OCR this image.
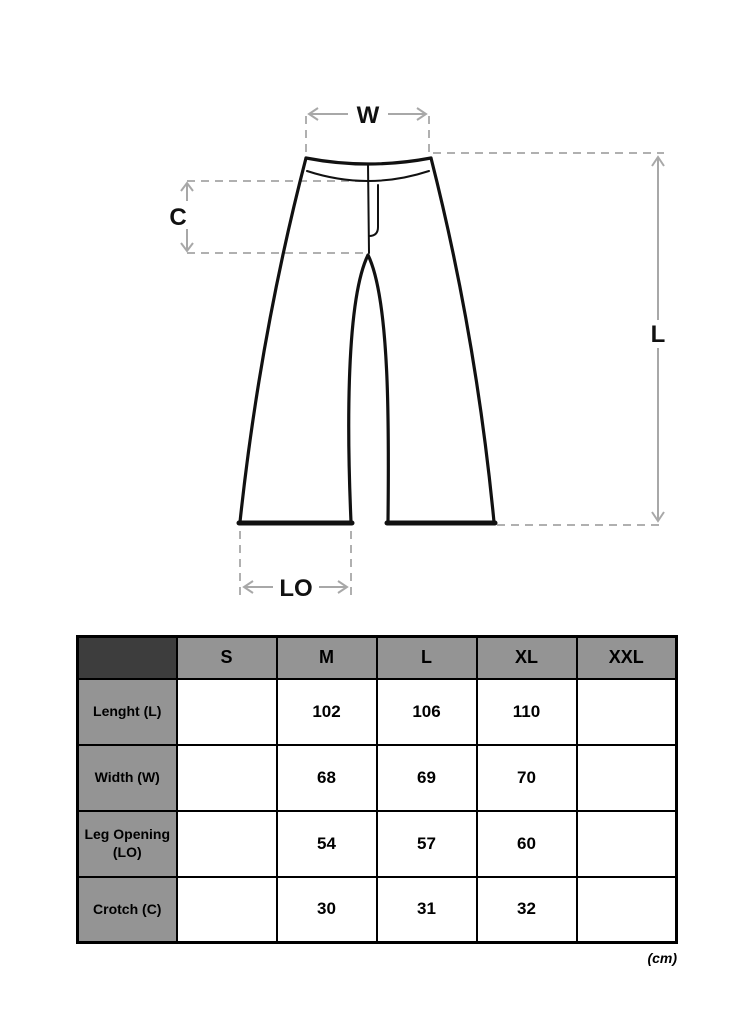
W
C
L
LO
	S	M	L	XL	XXL
Lenght (L)		102	106	110	
Width (W)		68	69	70	
Leg Opening (LO)		54	57	60	
Crotch (C)		30	31	32	
(cm)
